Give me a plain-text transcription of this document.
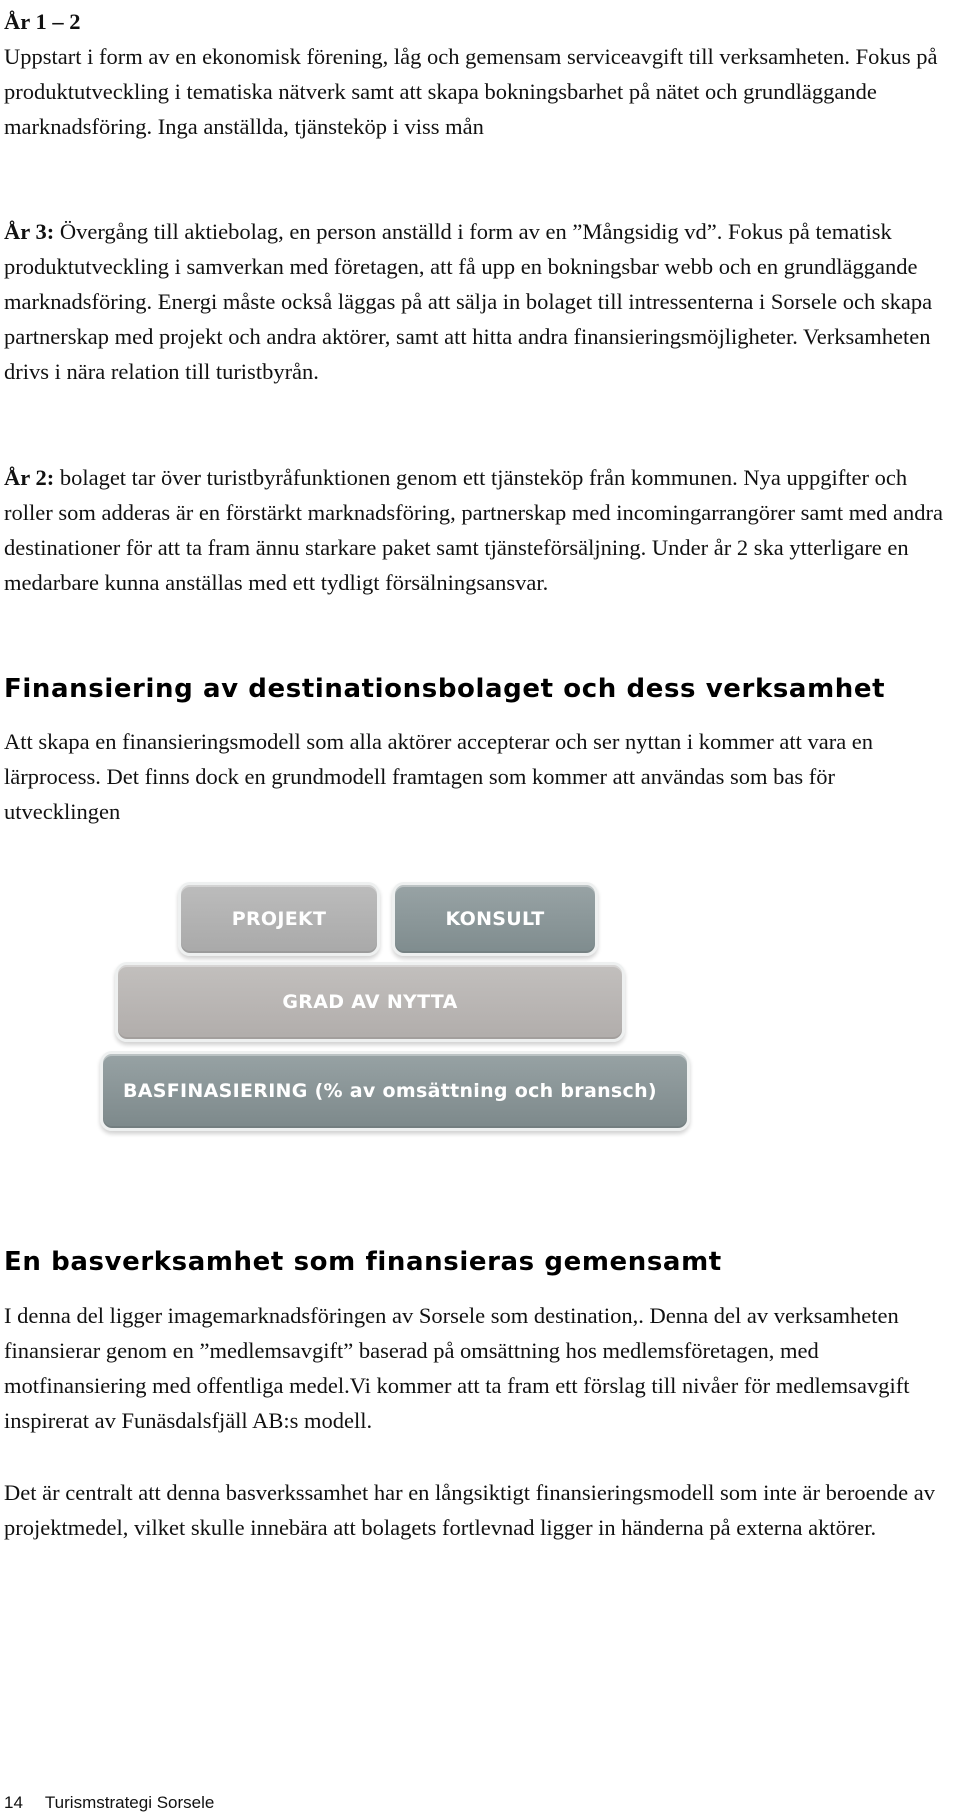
År 1 – 2
Uppstart i form av en ekonomisk förening, låg och gemensam serviceavgift till verksamheten. Fokus på produktutveckling i tematiska nätverk samt att skapa bokningsbarhet på nätet och grundläggande marknadsföring. Inga anställda, tjänsteköp i viss mån

År 3: Övergång till aktiebolag, en person anställd i form av en ”Mångsidig vd”. Fokus på tematisk produktutveckling i samverkan med företagen, att få upp en bokningsbar webb och en grundläggande marknadsföring. Energi måste också läggas på att sälja in bolaget till intressenterna i Sorsele och skapa partnerskap med projekt och andra aktörer, samt att hitta andra finansieringsmöjligheter. Verksamheten drivs i nära relation till turistbyrån.

År 2: bolaget tar över turistbyråfunktionen genom ett tjänsteköp från kommunen. Nya uppgifter och roller som adderas är en förstärkt marknadsföring, partnerskap med incomingarrangörer samt med andra destinationer för att ta fram ännu starkare paket samt tjänsteförsäljning. Under år 2 ska ytterligare en medarbare kunna anställas med ett tydligt försälningsansvar.

Finansiering av destinationsbolaget och dess verksamhet

Att skapa en finansieringsmodell som alla aktörer accepterar och ser nyttan i kommer att vara en lärprocess. Det finns dock en grundmodell framtagen som kommer att användas som bas för utvecklingen

PROJEKT	KONSULT
GRAD AV NYTTA
BASFINASIERING (% av omsättning och bransch)
En basverksamhet som finansieras gemensamt

I denna del ligger imagemarknadsföringen av Sorsele som destination,. Denna del av verksamheten finansierar genom en ”medlemsavgift” baserad på omsättning hos medlemsföretagen, med motfinansiering med offentliga medel.Vi kommer att ta fram ett förslag till nivåer för medlemsavgift inspirerat av Funäsdalsfjäll AB:s modell.

Det är centralt att denna basverkssamhet har en långsiktigt finansieringsmodell som inte är beroende av projektmedel, vilket skulle innebära att bolagets fortlevnad ligger in händerna på externa aktörer.

14 Turismstrategi Sorsele
